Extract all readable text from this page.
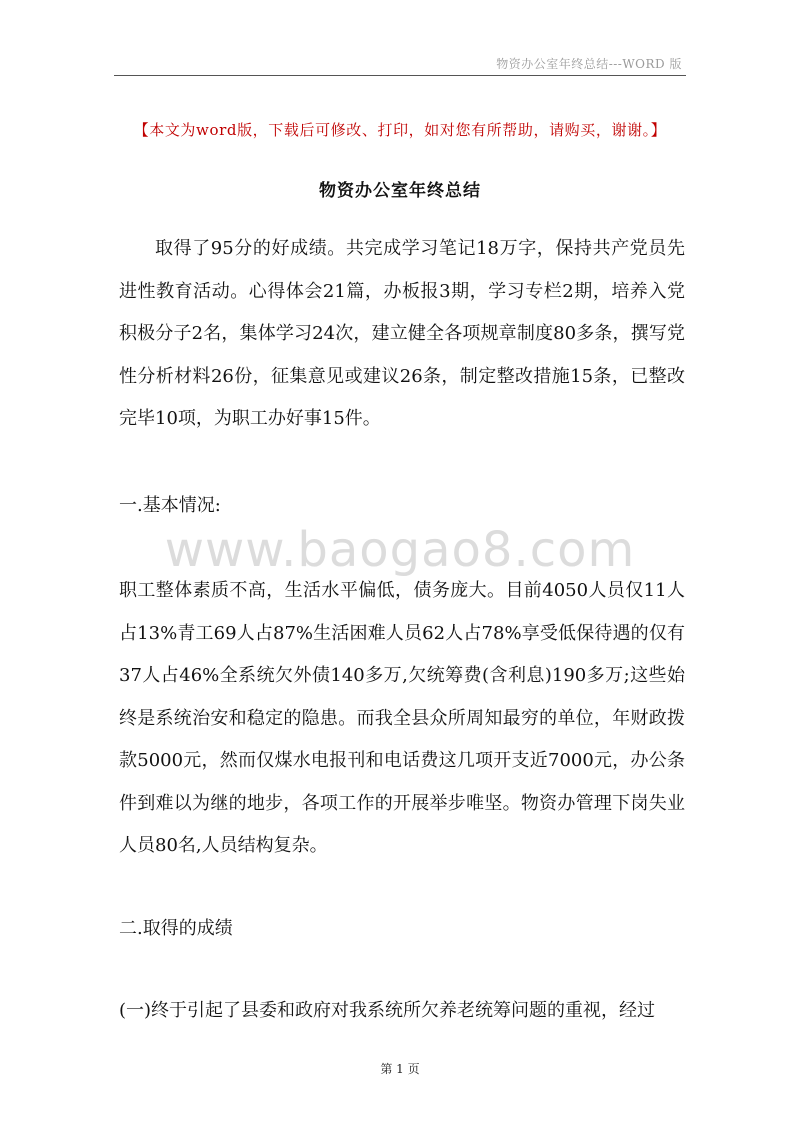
物资办公室年终总结---WORD 版
【本文为word版，下载后可修改、打印，如对您有所帮助，请购买，谢谢。】
物资办公室年终总结

取得了95分的好成绩。共完成学习笔记18万字，保持共产党员先进性教育活动。心得体会21篇，办板报3期，学习专栏2期，培养入党积极分子2名，集体学习24次，建立健全各项规章制度80多条，撰写党性分析材料26份，征集意见或建议26条，制定整改措施15条，已整改完毕10项，为职工办好事15件。

一.基本情况:

www.baogao8.com

职工整体素质不高，生活水平偏低，债务庞大。目前4050人员仅11人占13%青工69人占87%生活困难人员62人占78%享受低保待遇的仅有37人占46%全系统欠外债140多万,欠统筹费(含利息)190多万;这些始终是系统治安和稳定的隐患。而我全县众所周知最穷的单位，年财政拨款5000元，然而仅煤水电报刊和电话费这几项开支近7000元，办公条件到难以为继的地步，各项工作的开展举步唯坚。物资办管理下岗失业人员80名,人员结构复杂。

二.取得的成绩

(一)终于引起了县委和政府对我系统所欠养老统筹问题的重视，经过

第 1 页
